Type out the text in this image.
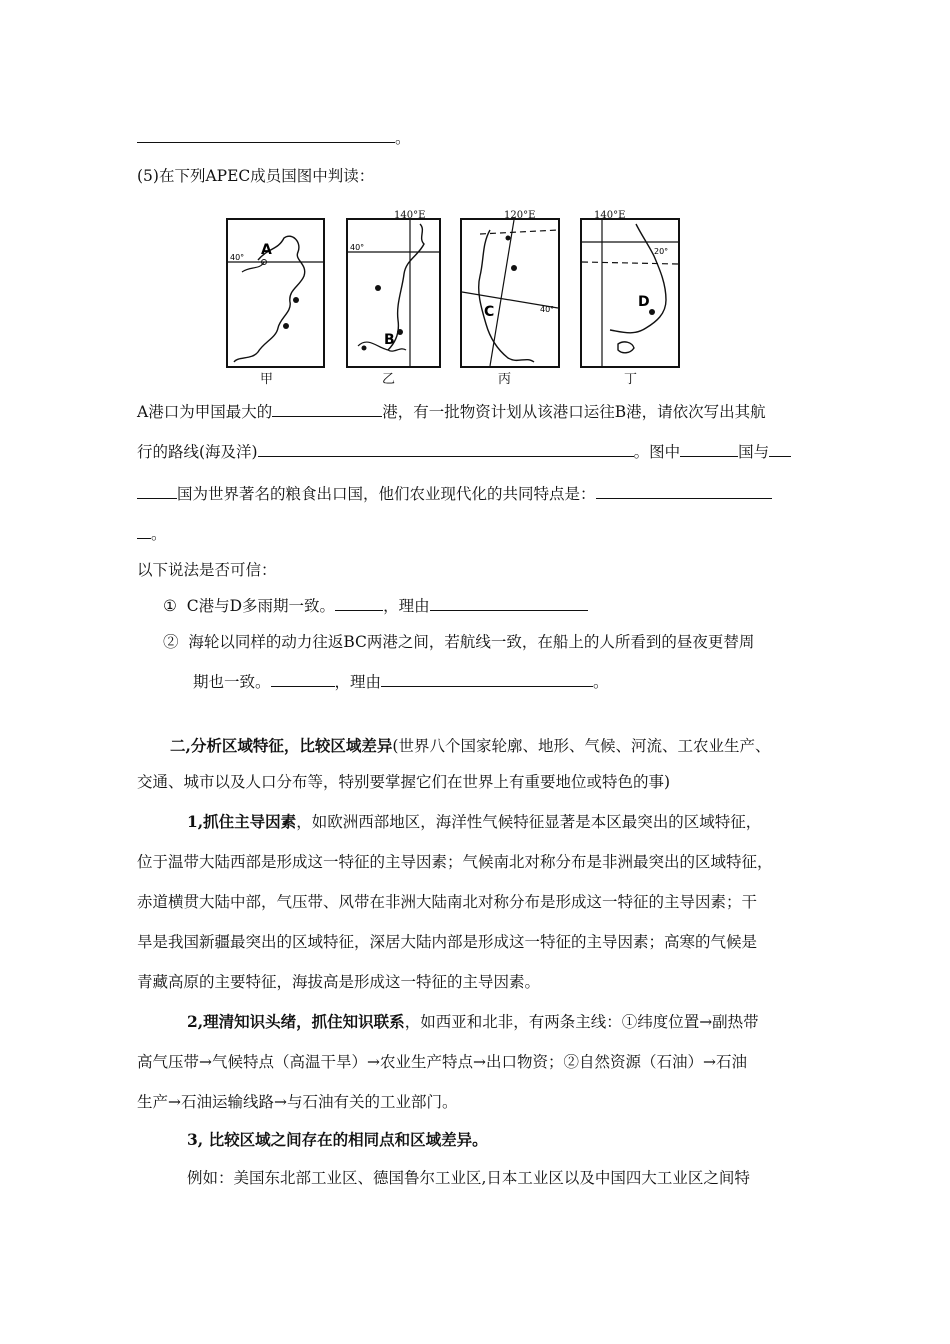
。
(5)在下列APEC成员国图中判读：
40° A
甲
40°
B
140°E
乙
40°
C
120°E
丙
20°
D
140°E
丁
A港口为甲国最大的	港，有一批物资计划从该港口运往B港，请依次写出其航
行的路线(海及洋)	。图中	国与
国为世界著名的粮食出口国，他们农业现代化的共同特点是：
。
以下说法是否可信：
① C港与D多雨期一致。	，理由
② 海轮以同样的动力往返BC两港之间，若航线一致，在船上的人所看到的昼夜更替周
期也一致。	，理由	。
二,分析区域特征，比较区域差异(世界八个国家轮廓、地形、气候、河流、工农业生产、
交通、城市以及人口分布等，特别要掌握它们在世界上有重要地位或特色的事)
1,抓住主导因素，如欧洲西部地区，海洋性气候特征显著是本区最突出的区域特征，
位于温带大陆西部是形成这一特征的主导因素；气候南北对称分布是非洲最突出的区域特征，
赤道横贯大陆中部，气压带、风带在非洲大陆南北对称分布是形成这一特征的主导因素；干
旱是我国新疆最突出的区域特征，深居大陆内部是形成这一特征的主导因素；高寒的气候是
青藏高原的主要特征，海拔高是形成这一特征的主导因素。
2,理清知识头绪，抓住知识联系，如西亚和北非，有两条主线：①纬度位置→副热带
高气压带→气候特点（高温干旱）→农业生产特点→出口物资；②自然资源（石油）→石油
生产→石油运输线路→与石油有关的工业部门。
3, 比较区域之间存在的相同点和区域差异。
例如：美国东北部工业区、德国鲁尔工业区,日本工业区以及中国四大工业区之间特
